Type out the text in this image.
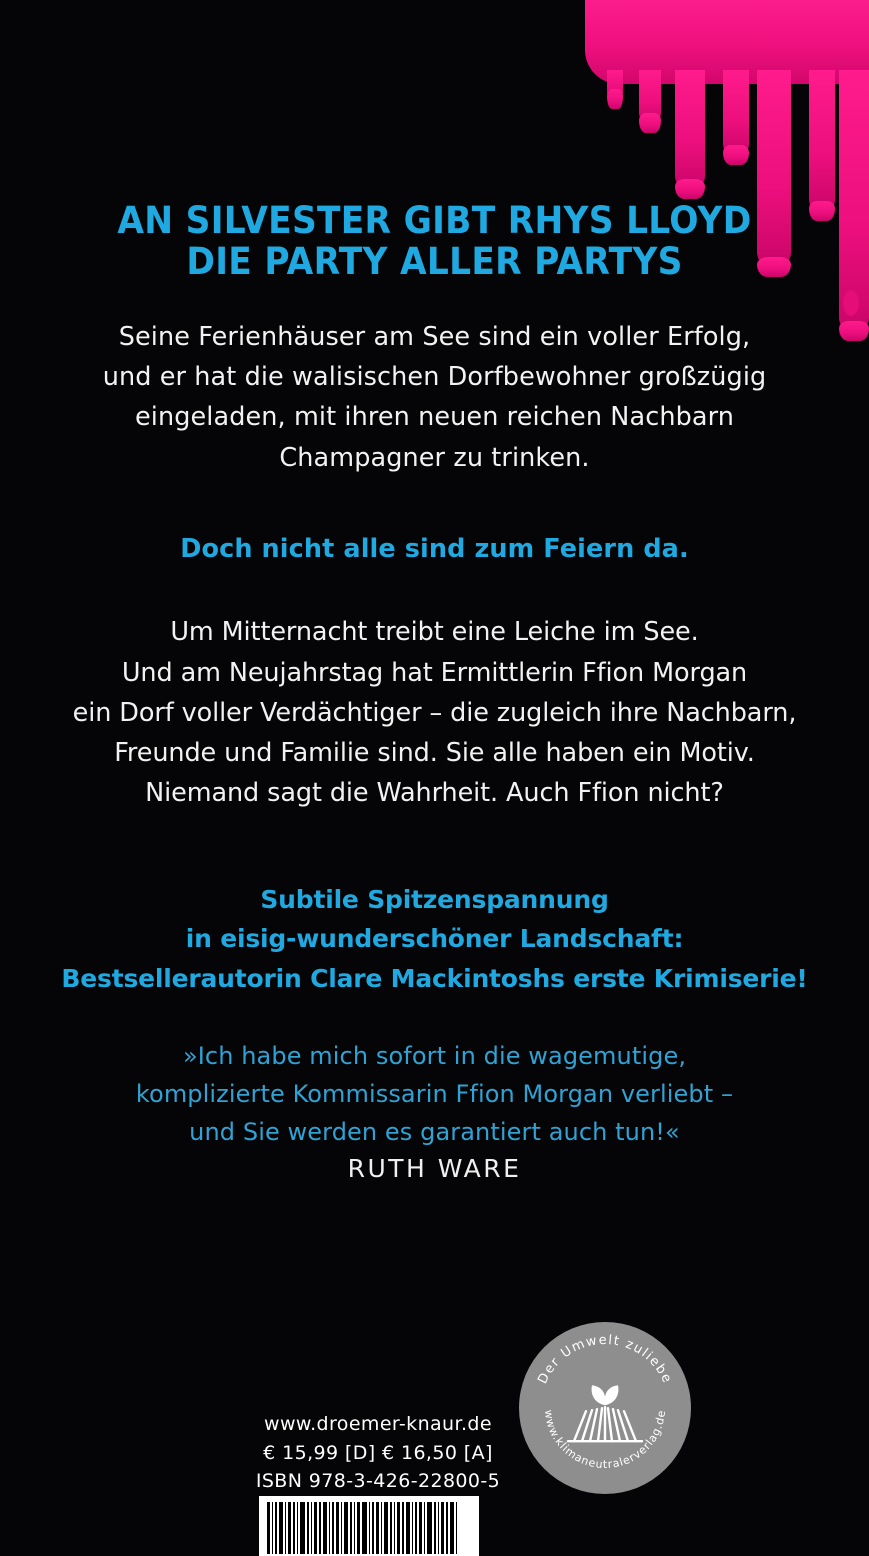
AN SILVESTER GIBT RHYS LLOYD
DIE PARTY ALLER PARTYS

Seine Ferienhäuser am See sind ein voller Erfolg,
und er hat die walisischen Dorfbewohner großzügig
eingeladen, mit ihren neuen reichen Nachbarn
Champagner zu trinken.

Doch nicht alle sind zum Feiern da.

Um Mitternacht treibt eine Leiche im See.
Und am Neujahrstag hat Ermittlerin Ffion Morgan
ein Dorf voller Verdächtiger – die zugleich ihre Nachbarn,
Freunde und Familie sind. Sie alle haben ein Motiv.
Niemand sagt die Wahrheit. Auch Ffion nicht?

Subtile Spitzenspannung
in eisig-wunderschöner Landschaft:
Bestsellerautorin Clare Mackintoshs erste Krimiserie!

»Ich habe mich sofort in die wagemutige,
komplizierte Kommissarin Ffion Morgan verliebt –
und Sie werden es garantiert auch tun!«

RUTH WARE

www.droemer-knaur.de
€ 15,99 [D] € 16,50 [A]
ISBN 978-3-426-22800-5
Der Umwelt zuliebe
www.klimaneutralerverlag.de
